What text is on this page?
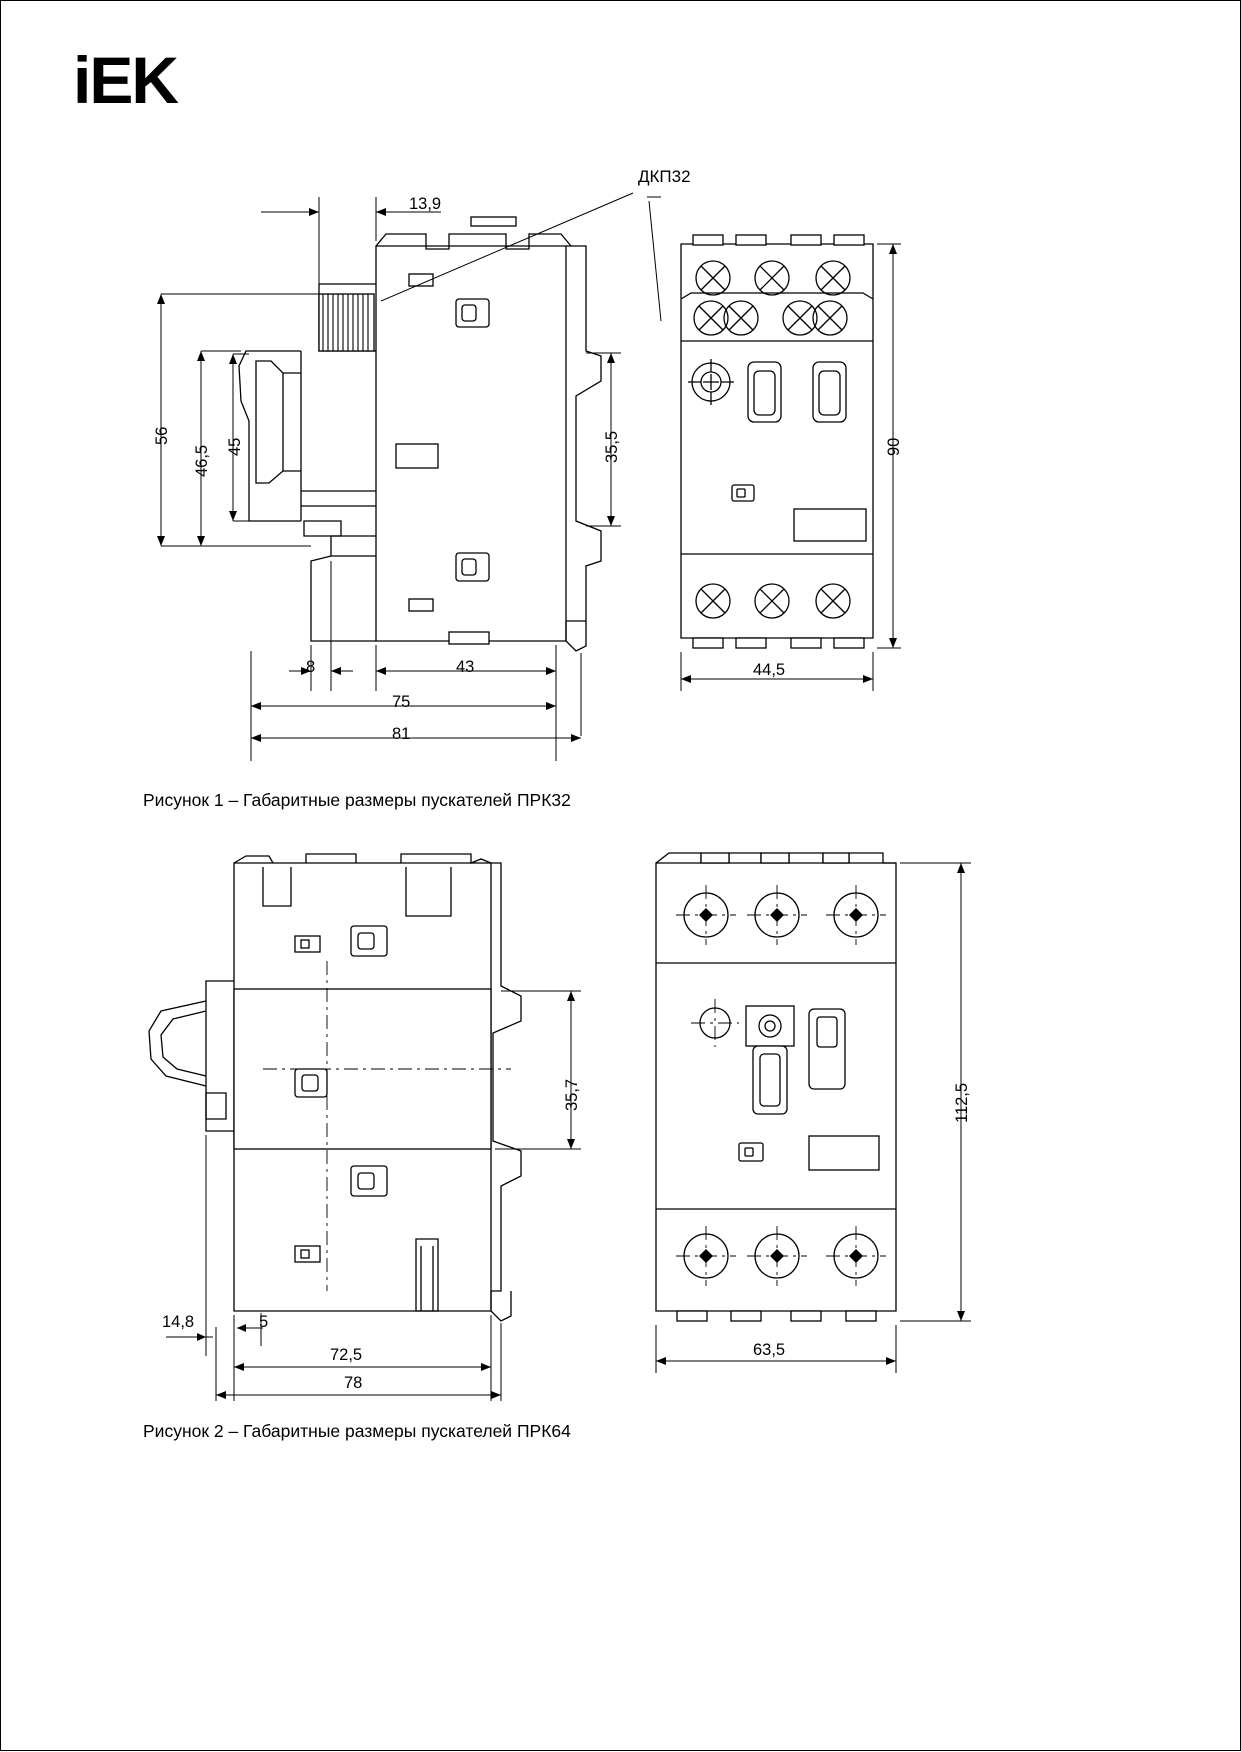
iEK
13,9
56
46,5 45	35,5
8	43
75
81
90
44,5
ДКП32
Рисунок 1 – Габаритные размеры пускателей ПРК32
35,7
14,8	5
72,5
78
112,5
63,5
Рисунок 2 – Габаритные размеры пускателей ПРК64
